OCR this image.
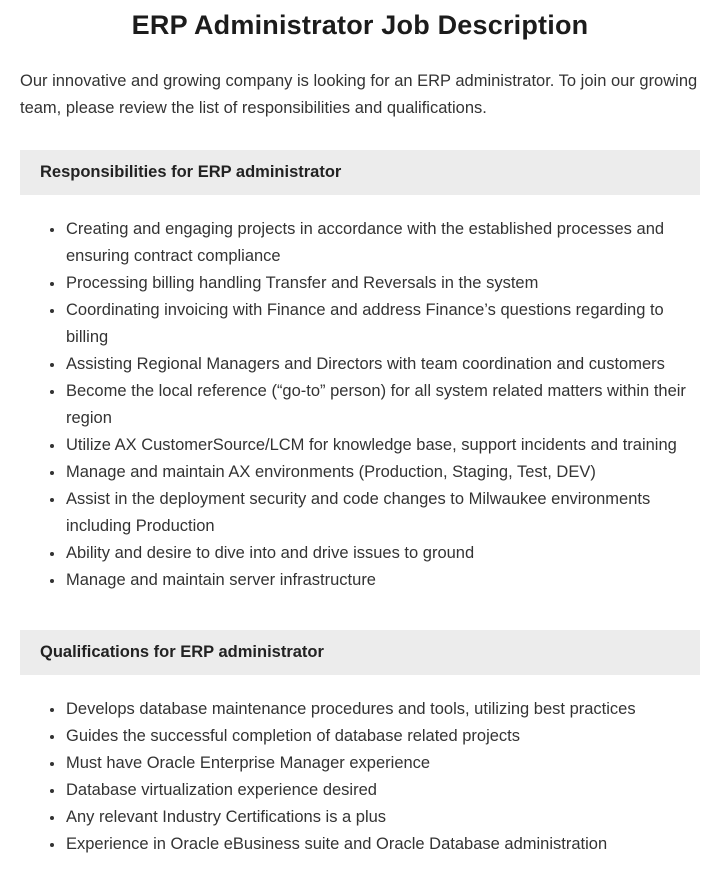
ERP Administrator Job Description

Our innovative and growing company is looking for an ERP administrator. To join our growing team, please review the list of responsibilities and qualifications.

Responsibilities for ERP administrator
• Creating and engaging projects in accordance with the established processes and ensuring contract compliance
• Processing billing handling Transfer and Reversals in the system
• Coordinating invoicing with Finance and address Finance’s questions regarding to billing
• Assisting Regional Managers and Directors with team coordination and customers
• Become the local reference (“go-to” person) for all system related matters within their region
• Utilize AX CustomerSource/LCM for knowledge base, support incidents and training
• Manage and maintain AX environments (Production, Staging, Test, DEV)
• Assist in the deployment security and code changes to Milwaukee environments including Production
• Ability and desire to dive into and drive issues to ground
• Manage and maintain server infrastructure
Qualifications for ERP administrator
• Develops database maintenance procedures and tools, utilizing best practices
• Guides the successful completion of database related projects
• Must have Oracle Enterprise Manager experience
• Database virtualization experience desired
• Any relevant Industry Certifications is a plus
• Experience in Oracle eBusiness suite and Oracle Database administration
